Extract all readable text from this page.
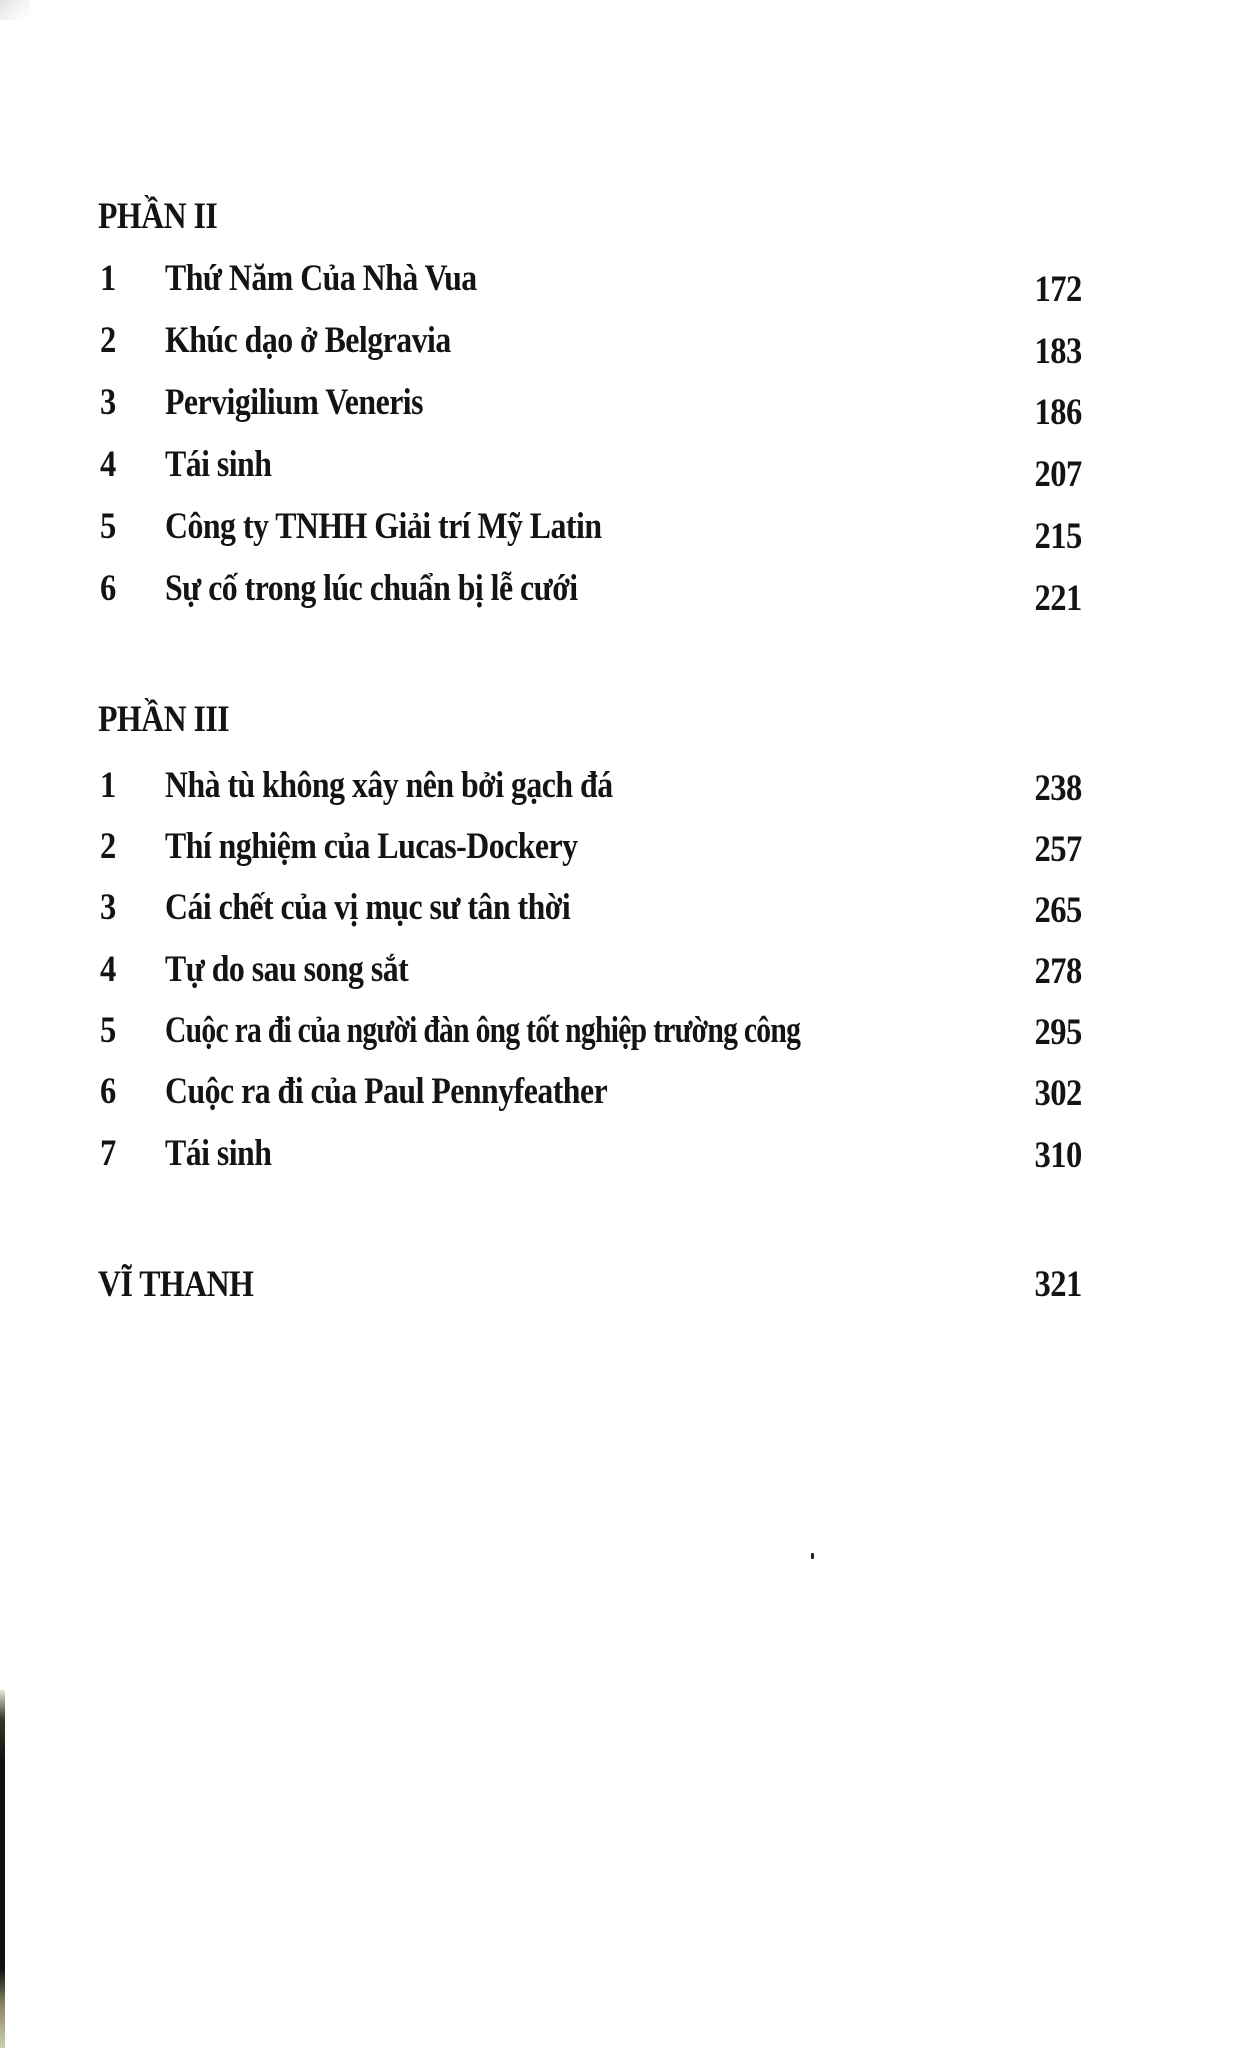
PHẦN II
1 Thứ Năm Của Nhà Vua	172
2 Khúc dạo ở Belgravia	183
3 Pervigilium Veneris	186
4 Tái sinh	207
5 Công ty TNHH Giải trí Mỹ Latin	215
6 Sự cố trong lúc chuẩn bị lễ cưới	221
PHẦN III
1 Nhà tù không xây nên bởi gạch đá	238
2 Thí nghiệm của Lucas-Dockery	257
3 Cái chết của vị mục sư tân thời	265
4 Tự do sau song sắt	278
5 Cuộc ra đi của người đàn ông tốt nghiệp trường công	295
6 Cuộc ra đi của Paul Pennyfeather	302
7 Tái sinh	310
VĨ THANH	321
